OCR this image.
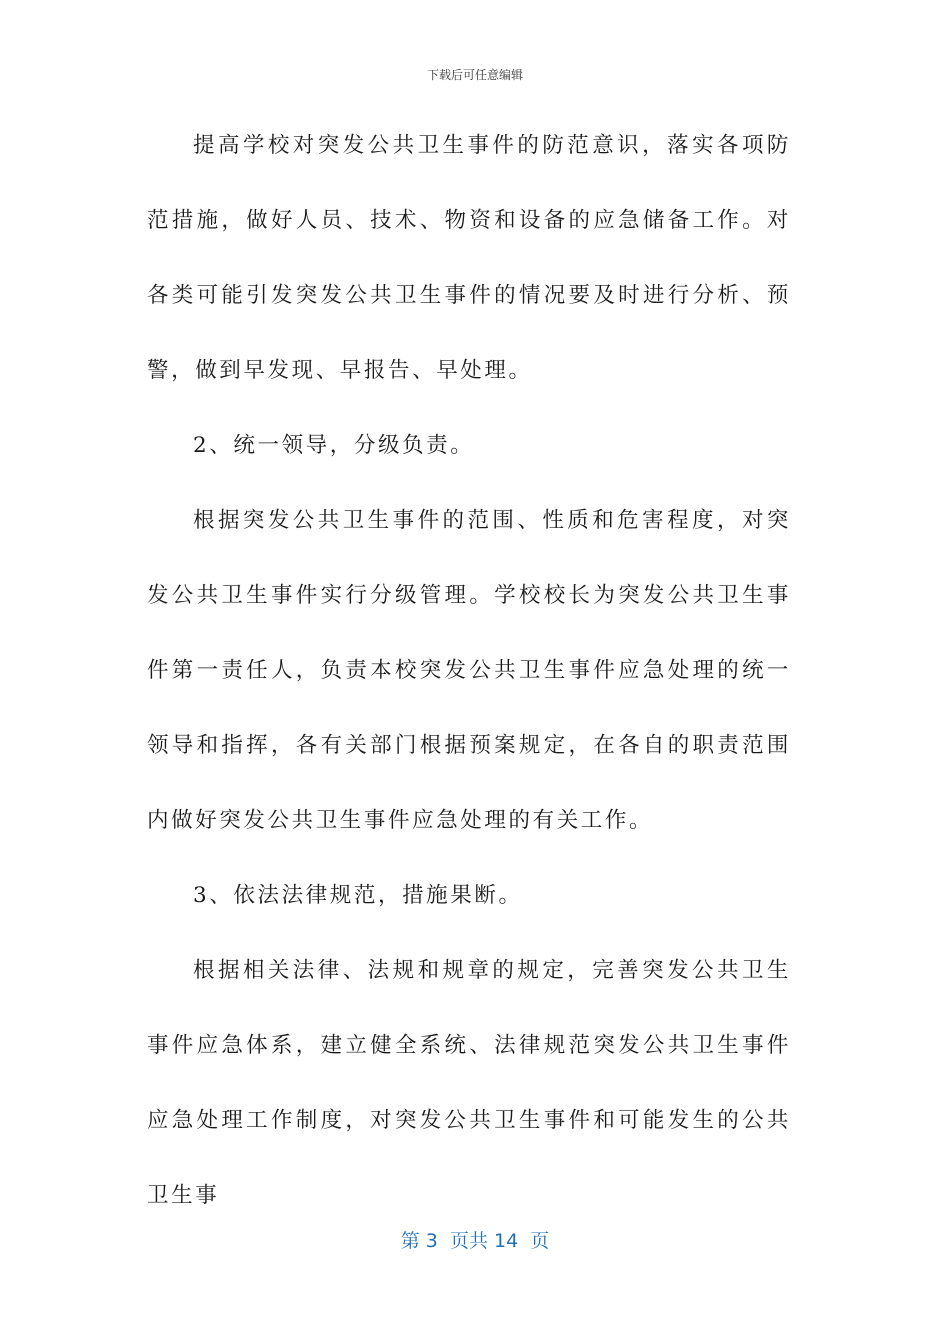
下载后可任意编辑

提高学校对突发公共卫生事件的防范意识，落实各项防范措施，做好人员、技术、物资和设备的应急储备工作。对各类可能引发突发公共卫生事件的情况要及时进行分析、预警，做到早发现、早报告、早处理。

2、统一领导，分级负责。

根据突发公共卫生事件的范围、性质和危害程度，对突发公共卫生事件实行分级管理。学校校长为突发公共卫生事件第一责任人，负责本校突发公共卫生事件应急处理的统一领导和指挥，各有关部门根据预案规定，在各自的职责范围内做好突发公共卫生事件应急处理的有关工作。

3、依法法律规范，措施果断。

根据相关法律、法规和规章的规定，完善突发公共卫生事件应急体系，建立健全系统、法律规范突发公共卫生事件应急处理工作制度，对突发公共卫生事件和可能发生的公共卫生事

第 3  页共 14  页
